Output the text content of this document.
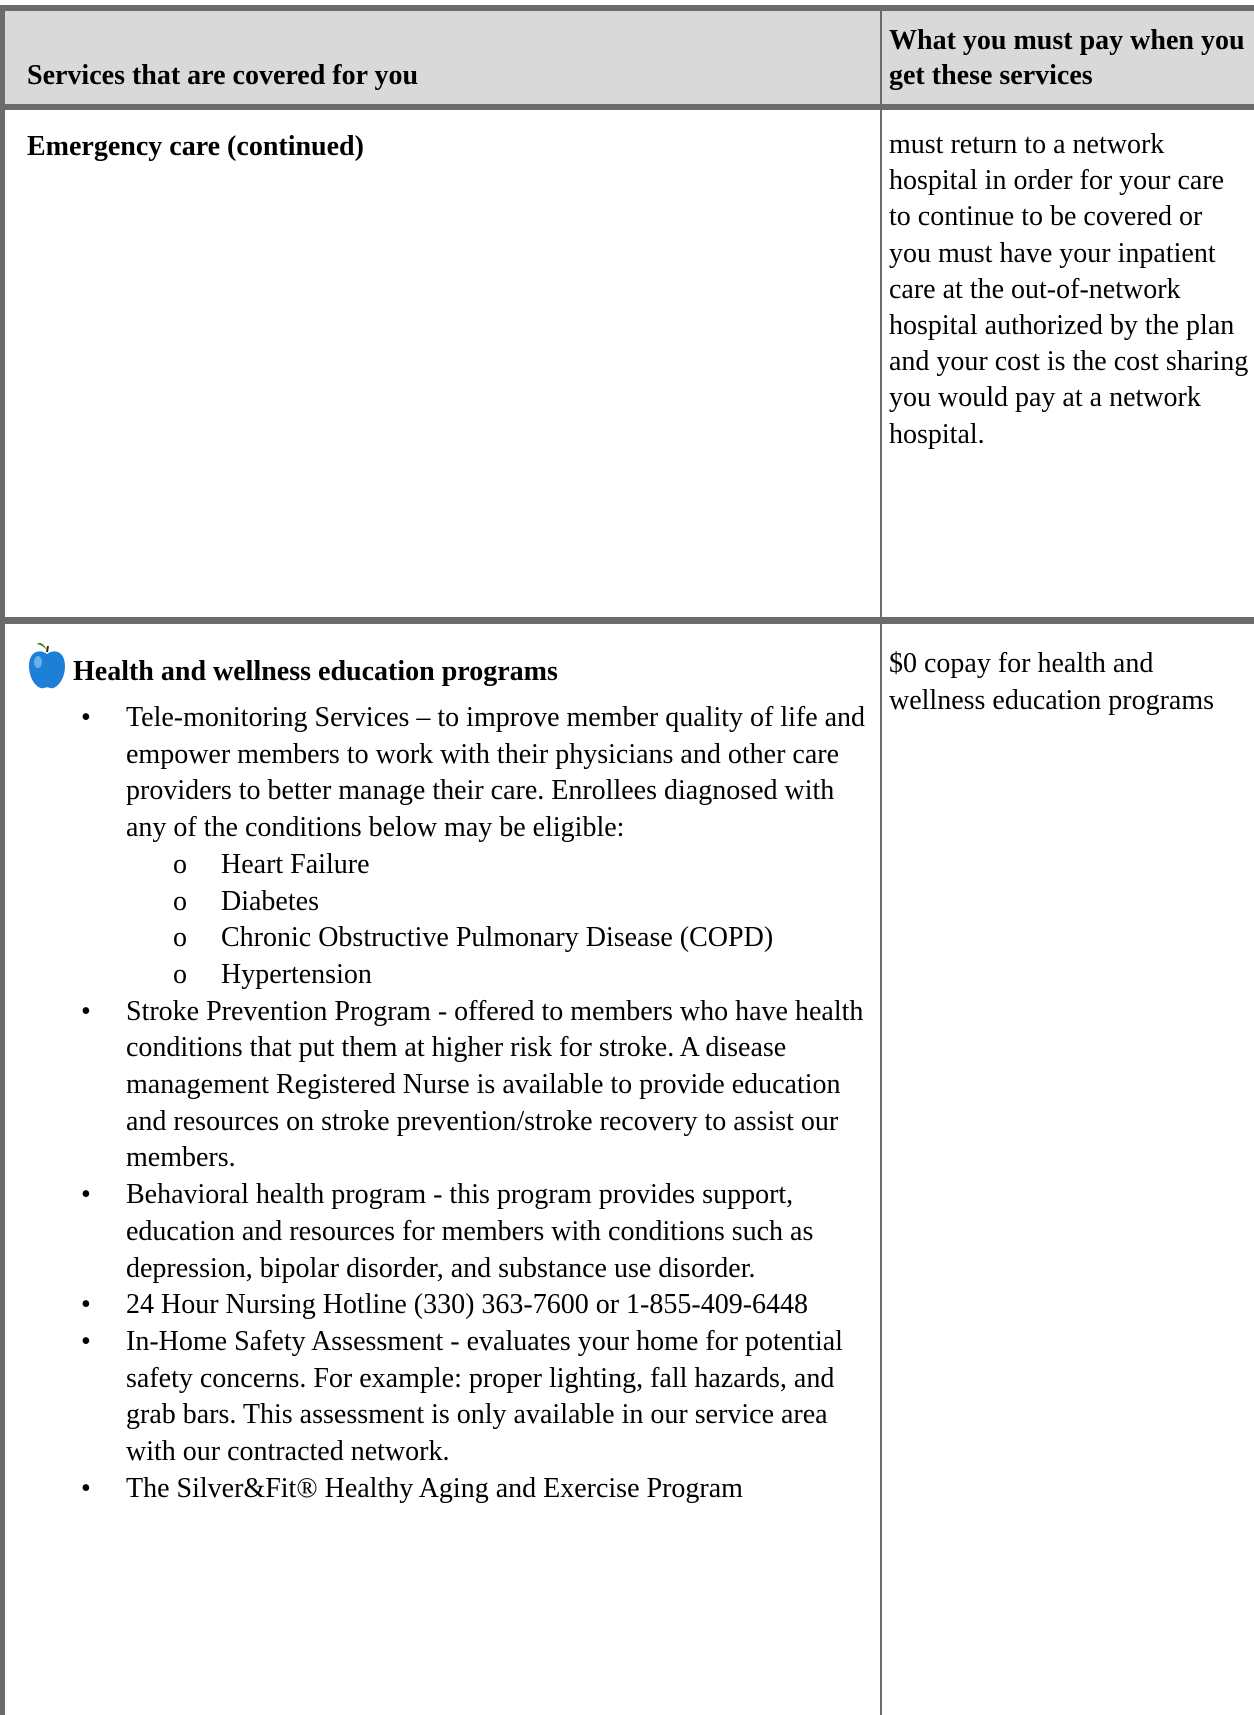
Services that are covered for you
What you must pay when you get these services
Emergency care (continued)	must return to a network hospital in order for your care to continue to be covered or you must have your inpatient care at the out-of-network hospital authorized by the plan and your cost is the cost sharing you would pay at a network hospital.
Health and wellness education programs	$0 copay for health and wellness education programs
• Tele-monitoring Services – to improve member quality of life and empower members to work with their physicians and other care providers to better manage their care. Enrollees diagnosed with any of the conditions below may be eligible:
o Heart Failure
o Diabetes
o Chronic Obstructive Pulmonary Disease (COPD)
o Hypertension
• Stroke Prevention Program - offered to members who have health conditions that put them at higher risk for stroke. A disease management Registered Nurse is available to provide education and resources on stroke prevention/stroke recovery to assist our members.
• Behavioral health program - this program provides support, education and resources for members with conditions such as depression, bipolar disorder, and substance use disorder.
• 24 Hour Nursing Hotline (330) 363-7600 or 1-855-409-6448
• In-Home Safety Assessment - evaluates your home for potential safety concerns. For example: proper lighting, fall hazards, and grab bars. This assessment is only available in our service area with our contracted network.
• The Silver&Fit® Healthy Aging and Exercise Program
